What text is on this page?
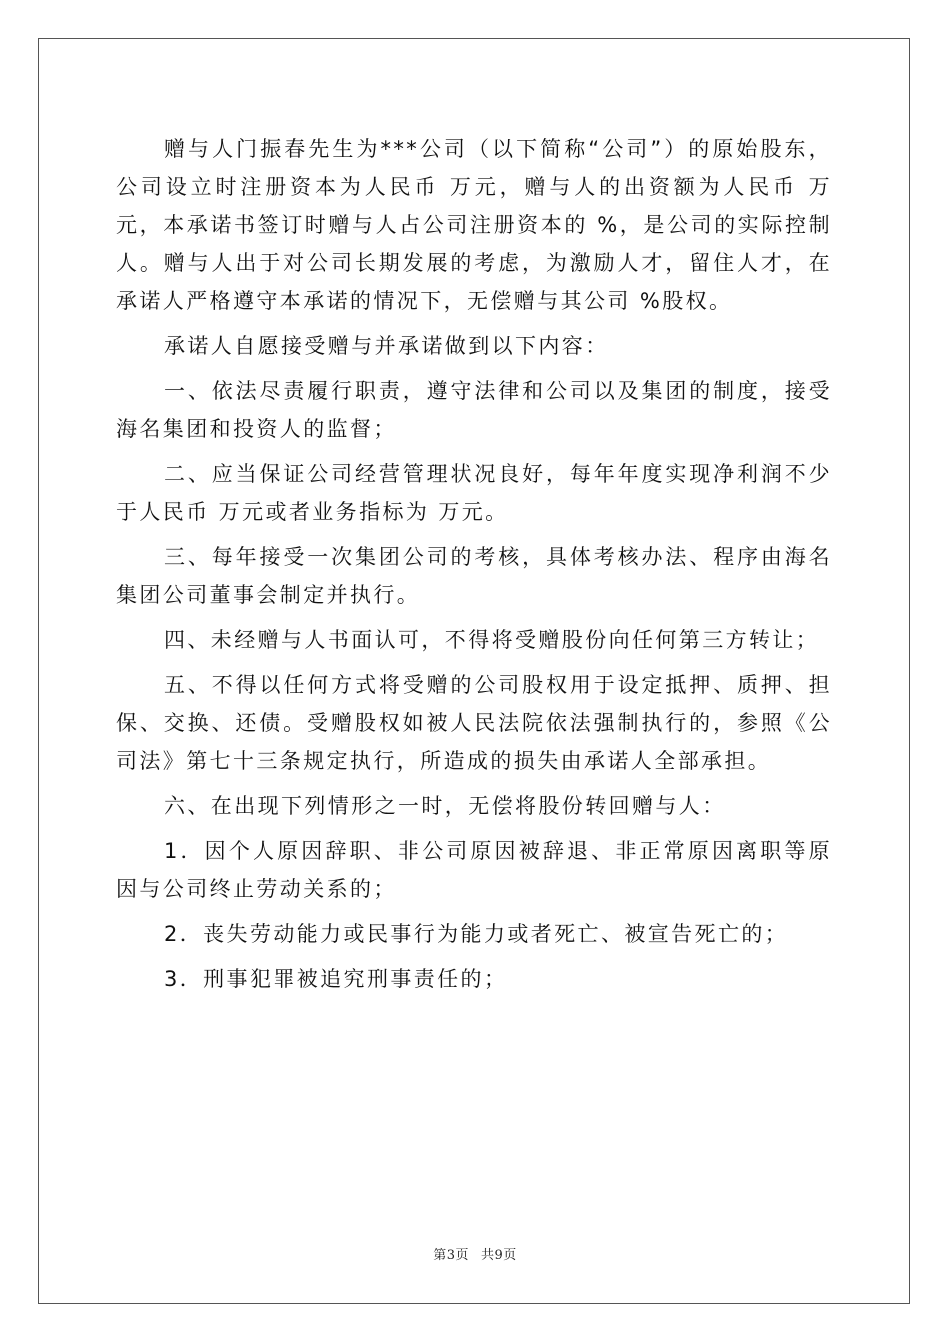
赠与人门振春先生为***公司（以下简称“公司”）的原始股东，公司设立时注册资本为人民币 万元，赠与人的出资额为人民币 万元，本承诺书签订时赠与人占公司注册资本的 %，是公司的实际控制人。赠与人出于对公司长期发展的考虑，为激励人才，留住人才，在承诺人严格遵守本承诺的情况下，无偿赠与其公司 %股权。

承诺人自愿接受赠与并承诺做到以下内容：

一、依法尽责履行职责，遵守法律和公司以及集团的制度，接受海名集团和投资人的监督；

二、应当保证公司经营管理状况良好，每年年度实现净利润不少于人民币 万元或者业务指标为 万元。

三、每年接受一次集团公司的考核，具体考核办法、程序由海名集团公司董事会制定并执行。

四、未经赠与人书面认可，不得将受赠股份向任何第三方转让；

五、不得以任何方式将受赠的公司股权用于设定抵押、质押、担保、交换、还债。受赠股权如被人民法院依法强制执行的，参照《公司法》第七十三条规定执行，所造成的损失由承诺人全部承担。

六、在出现下列情形之一时，无偿将股份转回赠与人：

1．因个人原因辞职、非公司原因被辞退、非正常原因离职等原因与公司终止劳动关系的；

2．丧失劳动能力或民事行为能力或者死亡、被宣告死亡的；

3．刑事犯罪被追究刑事责任的；

第3页 共9页
